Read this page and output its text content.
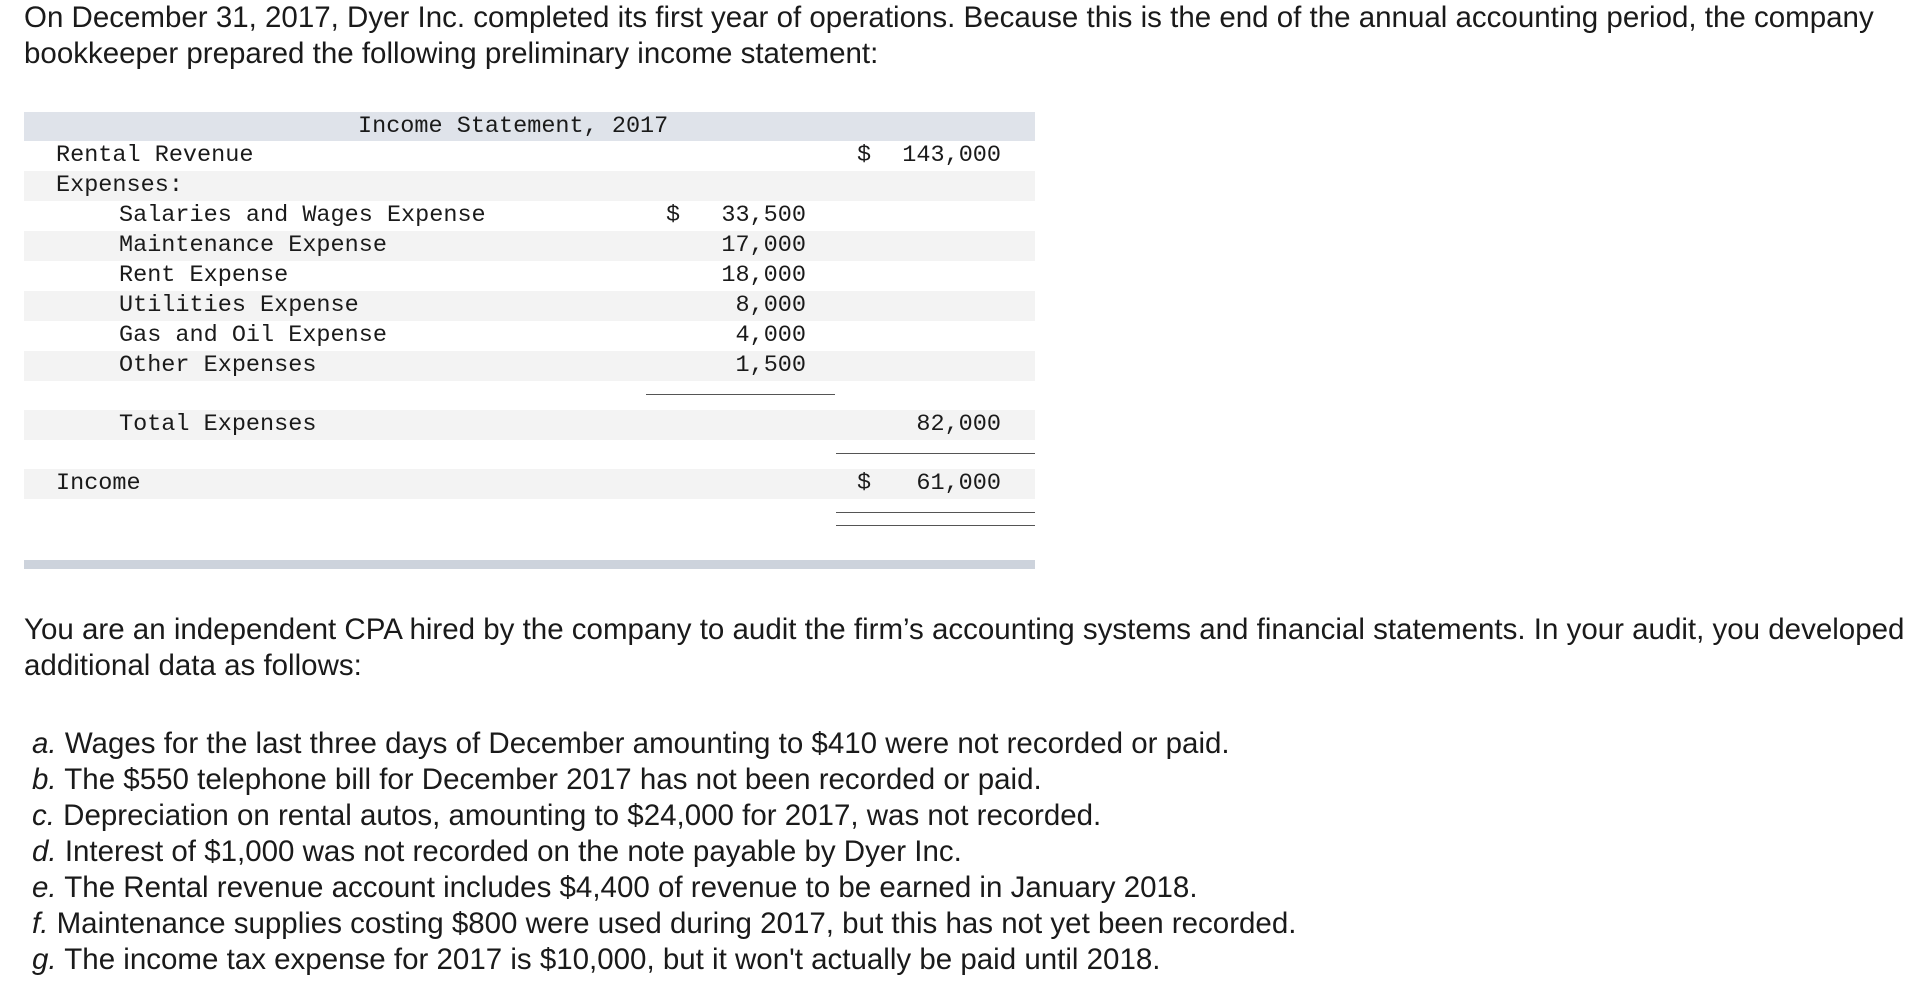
On December 31, 2017, Dyer Inc. completed its first year of operations. Because this is the end of the annual accounting period, the company bookkeeper prepared the following preliminary income statement:

Income Statement, 2017
Rental Revenue	$ 143,000
Expenses:
Salaries and Wages Expense	$ 33,500
Maintenance Expense	17,000
Rent Expense	18,000
Utilities Expense	8,000
Gas and Oil Expense	4,000
Other Expenses	1,500
Total Expenses	82,000
Income	$ 61,000

You are an independent CPA hired by the company to audit the firm’s accounting systems and financial statements. In your audit, you developed additional data as follows:

a. Wages for the last three days of December amounting to $410 were not recorded or paid.
b. The $550 telephone bill for December 2017 has not been recorded or paid.
c. Depreciation on rental autos, amounting to $24,000 for 2017, was not recorded.
d. Interest of $1,000 was not recorded on the note payable by Dyer Inc.
e. The Rental revenue account includes $4,400 of revenue to be earned in January 2018.
f. Maintenance supplies costing $800 were used during 2017, but this has not yet been recorded.
g. The income tax expense for 2017 is $10,000, but it won't actually be paid until 2018.
